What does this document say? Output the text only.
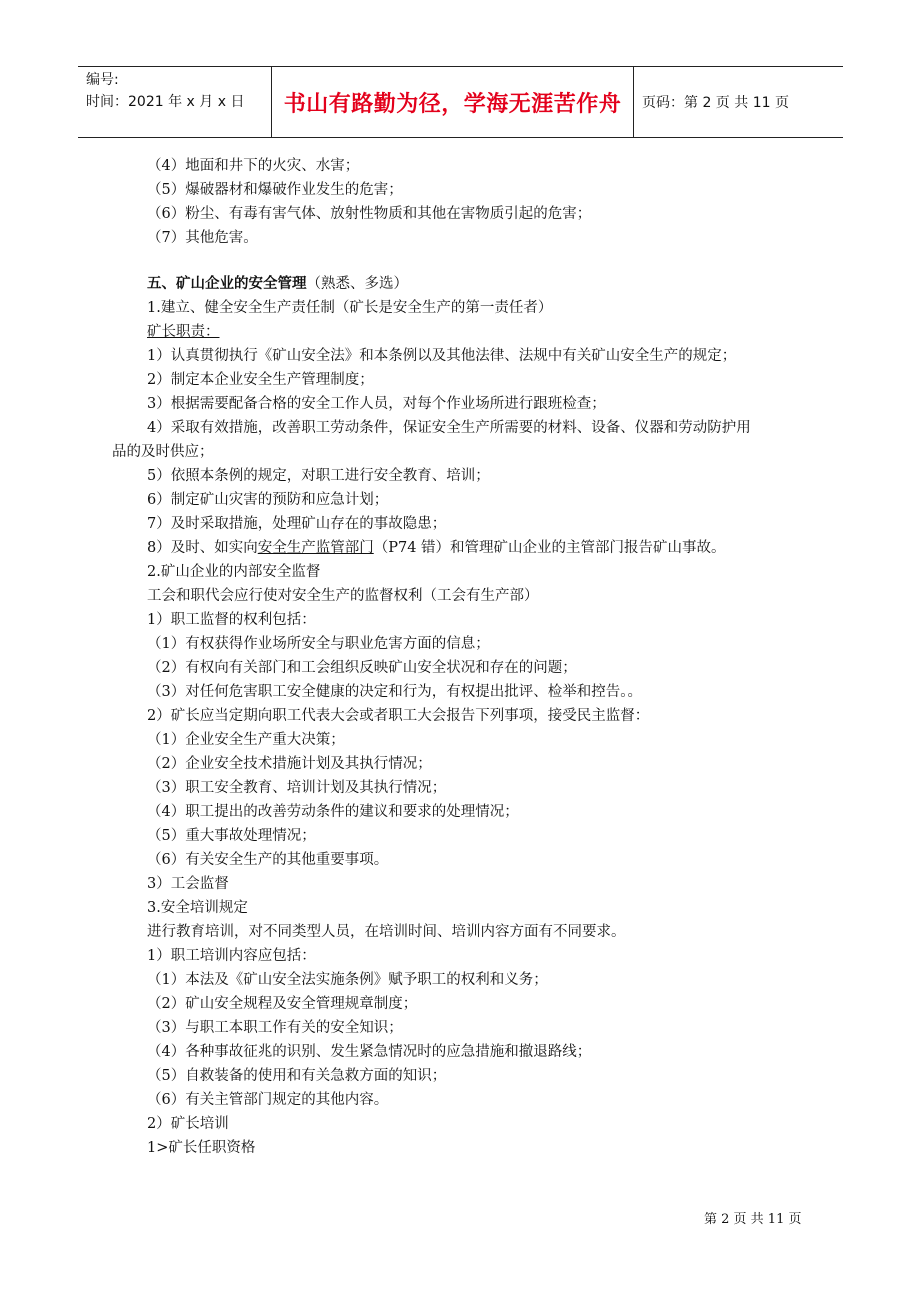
编号:
时间：2021 年 x 月 x 日	书山有路勤为径，学海无涯苦作舟	页码：第 2 页 共 11 页
（4）地面和井下的火灾、水害；
（5）爆破器材和爆破作业发生的危害；
（6）粉尘、有毒有害气体、放射性物质和其他在害物质引起的危害；
（7）其他危害。
五、矿山企业的安全管理（熟悉、多选）
1.建立、健全安全生产责任制（矿长是安全生产的第一责任者）
矿长职责：
1）认真贯彻执行《矿山安全法》和本条例以及其他法律、法规中有关矿山安全生产的规定；
2）制定本企业安全生产管理制度；
3）根据需要配备合格的安全工作人员，对每个作业场所进行跟班检查；
4）采取有效措施，改善职工劳动条件，保证安全生产所需要的材料、设备、仪器和劳动防护用
品的及时供应；
5）依照本条例的规定，对职工进行安全教育、培训；
6）制定矿山灾害的预防和应急计划；
7）及时采取措施，处理矿山存在的事故隐患；
8）及时、如实向安全生产监管部门（P74 错）和管理矿山企业的主管部门报告矿山事故。
2.矿山企业的内部安全监督
工会和职代会应行使对安全生产的监督权利（工会有生产部）
1）职工监督的权利包括：
（1）有权获得作业场所安全与职业危害方面的信息；
（2）有权向有关部门和工会组织反映矿山安全状况和存在的问题；
（3）对任何危害职工安全健康的决定和行为，有权提出批评、检举和控告。。
2）矿长应当定期向职工代表大会或者职工大会报告下列事项，接受民主监督：
（1）企业安全生产重大决策；
（2）企业安全技术措施计划及其执行情况；
（3）职工安全教育、培训计划及其执行情况；
（4）职工提出的改善劳动条件的建议和要求的处理情况；
（5）重大事故处理情况；
（6）有关安全生产的其他重要事项。
3）工会监督
3.安全培训规定
进行教育培训，对不同类型人员，在培训时间、培训内容方面有不同要求。
1）职工培训内容应包括：
（1）本法及《矿山安全法实施条例》赋予职工的权利和义务；
（2）矿山安全规程及安全管理规章制度；
（3）与职工本职工作有关的安全知识；
（4）各种事故征兆的识别、发生紧急情况时的应急措施和撤退路线；
（5）自救装备的使用和有关急救方面的知识；
（6）有关主管部门规定的其他内容。
2）矿长培训
1>矿长任职资格
第 2 页 共 11 页
